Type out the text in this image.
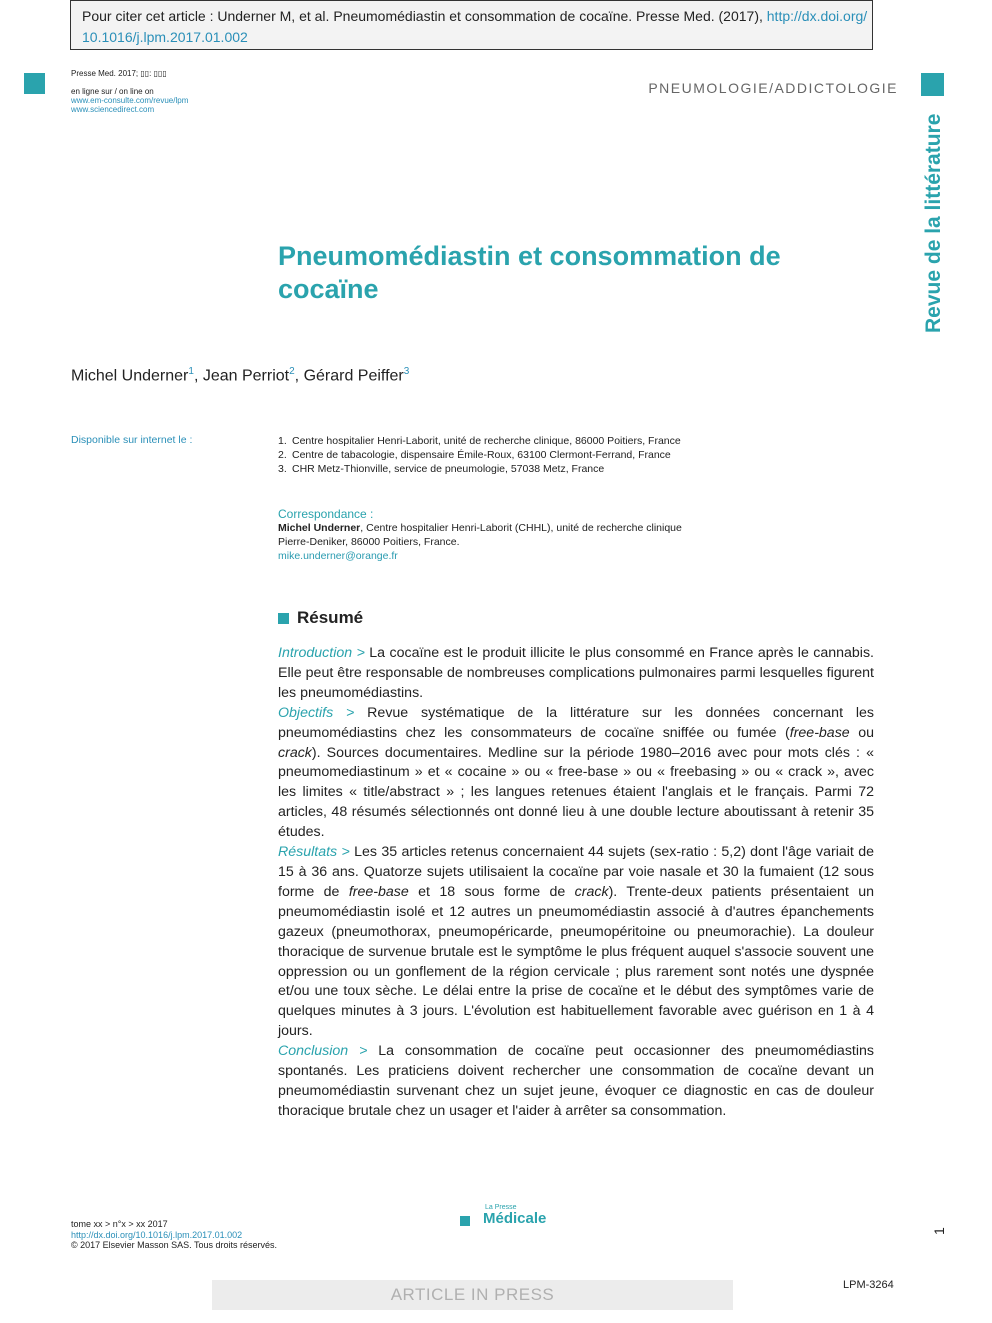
Pour citer cet article : Underner M, et al. Pneumomédiastin et consommation de cocaïne. Presse Med. (2017), http://dx.doi.org/
10.1016/j.lpm.2017.01.002
Presse Med. 2017; ▯▯: ▯▯▯
en ligne sur / on line on
www.em-consulte.com/revue/lpm
www.sciencedirect.com
PNEUMOLOGIE/ADDICTOLOGIE
Revue de la littérature
Pneumomédiastin et consommation de cocaïne
Michel Underner$^1$, Jean Perriot$^2$, Gérard Peiffer$^3$
Disponible sur internet le :	1. Centre hospitalier Henri-Laborit, unité de recherche clinique, 86000 Poitiers, France
2. Centre de tabacologie, dispensaire Émile-Roux, 63100 Clermont-Ferrand, France
3. CHR Metz-Thionville, service de pneumologie, 57038 Metz, France
Correspondance :
Michel Underner, Centre hospitalier Henri-Laborit (CHHL), unité de recherche clinique Pierre-Deniker, 86000 Poitiers, France.
mike.underner@orange.fr
Résumé

Introduction > La cocaïne est le produit illicite le plus consommé en France après le cannabis. Elle peut être responsable de nombreuses complications pulmonaires parmi lesquelles figurent les pneumomédiastins.

Objectifs > Revue systématique de la littérature sur les données concernant les pneumomédiastins chez les consommateurs de cocaïne sniffée ou fumée (free-base ou crack). Sources documentaires. Medline sur la période 1980–2016 avec pour mots clés : « pneumomediastinum » et « cocaine » ou « free-base » ou « freebasing » ou « crack », avec les limites « title/abstract » ; les langues retenues étaient l'anglais et le français. Parmi 72 articles, 48 résumés sélectionnés ont donné lieu à une double lecture aboutissant à retenir 35 études.

Résultats > Les 35 articles retenus concernaient 44 sujets (sex-ratio : 5,2) dont l'âge variait de 15 à 36 ans. Quatorze sujets utilisaient la cocaïne par voie nasale et 30 la fumaient (12 sous forme de free-base et 18 sous forme de crack). Trente-deux patients présentaient un pneumomédiastin isolé et 12 autres un pneumomédiastin associé à d'autres épanchements gazeux (pneumothorax, pneumopéricarde, pneumopéritoine ou pneumorachie). La douleur thoracique de survenue brutale est le symptôme le plus fréquent auquel s'associe souvent une oppression ou un gonflement de la région cervicale ; plus rarement sont notés une dyspnée et/ou une toux sèche. Le délai entre la prise de cocaïne et le début des symptômes varie de quelques minutes à 3 jours. L'évolution est habituellement favorable avec guérison en 1 à 4 jours.

Conclusion > La consommation de cocaïne peut occasionner des pneumomédiastins spontanés. Les praticiens doivent rechercher une consommation de cocaïne devant un pneumomédiastin survenant chez un sujet jeune, évoquer ce diagnostic en cas de douleur thoracique brutale chez un usager et l'aider à arrêter sa consommation.

tome xx > n°x > xx 2017
http://dx.doi.org/10.1016/j.lpm.2017.01.002
© 2017 Elsevier Masson SAS. Tous droits réservés.
La Presse
Médicale
1
ARTICLE IN PRESS	LPM-3264
